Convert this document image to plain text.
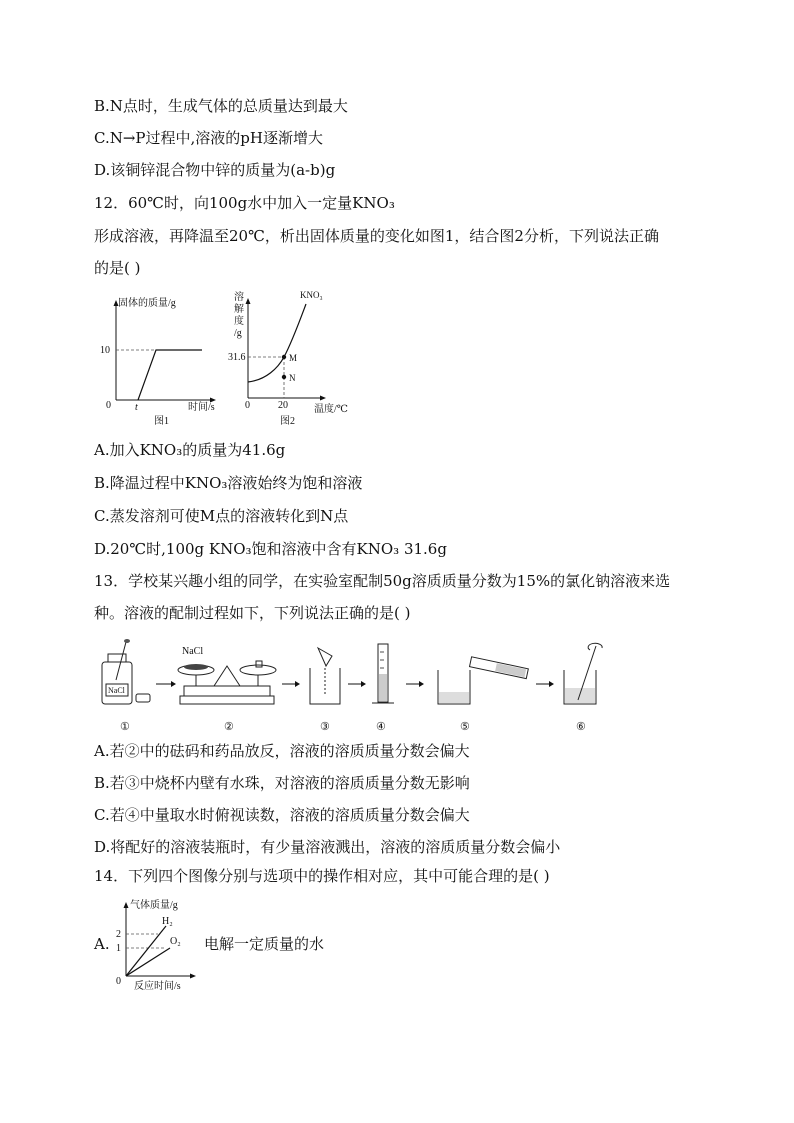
B.N点时，生成气体的总质量达到最大
C.N→P过程中,溶液的pH逐渐增大
D.该铜锌混合物中锌的质量为(a-b)g
12．60℃时，向100g水中加入一定量KNO₃
形成溶液，再降温至20℃，析出固体质量的变化如图1，结合图2分析，下列说法正确
的是( )
固体的质量/g
10
0 t	时间/s
图1
溶
解
度
/g
KNO₃
31.6	M
N
0	20	温度/℃
图2
A.加入KNO₃的质量为41.6g
B.降温过程中KNO₃溶液始终为饱和溶液
C.蒸发溶剂可使M点的溶液转化到N点
D.20℃时,100g KNO₃饱和溶液中含有KNO₃ 31.6g
13．学校某兴趣小组的同学，在实验室配制50g溶质质量分数为15%的氯化钠溶液来选
种。溶液的配制过程如下，下列说法正确的是( )
NaCl
①
NaCl
②	③	④	⑤	⑥
A.若②中的砝码和药品放反，溶液的溶质质量分数会偏大
B.若③中烧杯内壁有水珠，对溶液的溶质质量分数无影响
C.若④中量取水时俯视读数，溶液的溶质质量分数会偏大
D.将配好的溶液装瓶时，有少量溶液溅出，溶液的溶质质量分数会偏小
14．下列四个图像分别与选项中的操作相对应，其中可能合理的是( )
A.
气体质量/g
2
1
0
H₂
O₂
反应时间/s
电解一定质量的水
